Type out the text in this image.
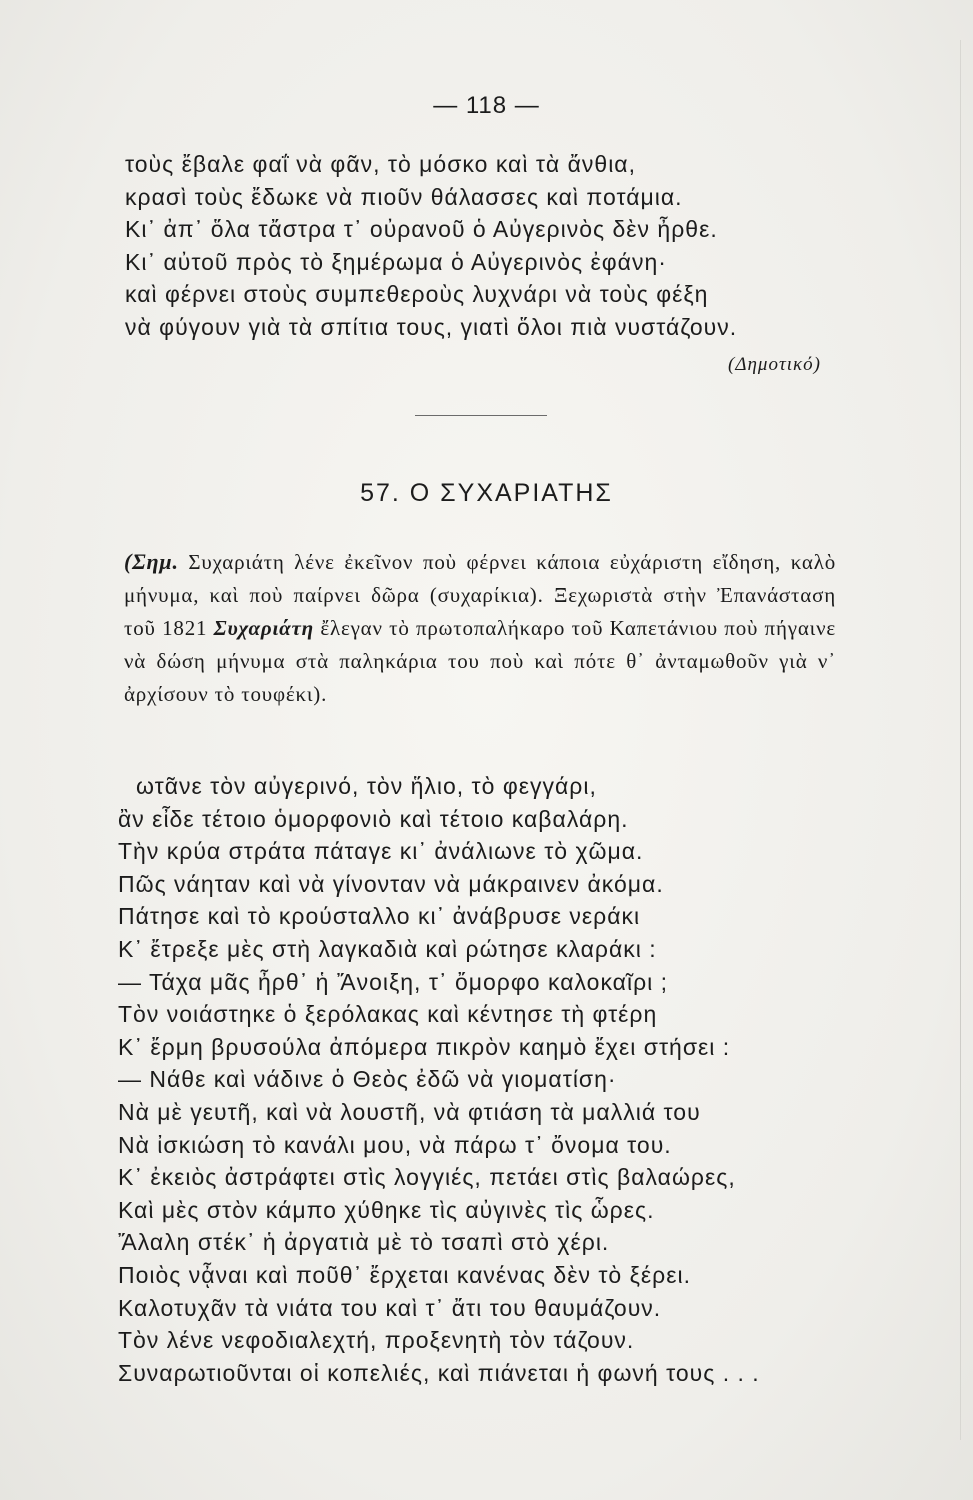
— 118 —
τοὺς ἔβαλε φαΐ νὰ φᾶν, τὸ μόσκο καὶ τὰ ἄνθια,
κρασὶ τοὺς ἔδωκε νὰ πιοῦν θάλασσες καὶ ποτάμια.
Κι᾽ ἀπ᾽ ὅλα τἄστρα τ᾽ οὐρανοῦ ὁ Αὐγερινὸς δὲν ἦρθε.
Κι᾽ αὐτοῦ πρὸς τὸ ξημέρωμα ὁ Αὐγερινὸς ἐφάνη·
καὶ φέρνει στοὺς συμπεθεροὺς λυχνάρι νὰ τοὺς φέξη
νὰ φύγουν γιὰ τὰ σπίτια τους, γιατὶ ὅλοι πιὰ νυστάζουν.
(Δημοτικό)
57. Ο ΣΥΧΑΡΙΑΤΗΣ

(Σημ. Συχαριάτη λένε ἐκεῖνον ποὺ φέρνει κάποια εὐχάριστη εἴδηση, καλὸ μήνυμα, καὶ ποὺ παίρνει δῶρα (συχαρίκια). Ξεχωριστὰ στὴν Ἐπανάσταση τοῦ 1821 Συχαριάτη ἔλεγαν τὸ πρωτοπαλήκαρο τοῦ Καπετάνιου ποὺ πήγαινε νὰ δώση μήνυμα στὰ παληκάρια του ποὺ καὶ πότε θ᾽ ἀνταμωθοῦν γιὰ ν᾽ ἀρχίσουν τὸ τουφέκι).

ωτᾶνε τὸν αὐγερινό, τὸν ἥλιο, τὸ φεγγάρι,
ἂν εἶδε τέτοιο ὁμορφονιὸ καὶ τέτοιο καβαλάρη.
Τὴν κρύα στράτα πάταγε κι᾽ ἀνάλιωνε τὸ χῶμα.
Πῶς νάηταν καὶ νὰ γίνονταν νὰ μάκραινεν ἀκόμα.
Πάτησε καὶ τὸ κρούσταλλο κι᾽ ἀνάβρυσε νεράκι
Κ᾽ ἔτρεξε μὲς στὴ λαγκαδιὰ καὶ ρώτησε κλαράκι :
— Τάχα μᾶς ἦρθ᾽ ἡ Ἄνοιξη, τ᾽ ὄμορφο καλοκαῖρι ;
Τὸν νοιάστηκε ὁ ξερόλακας καὶ κέντησε τὴ φτέρη
Κ᾽ ἔρμη βρυσούλα ἀπόμερα πικρὸν καημὸ ἔχει στήσει :
— Νάθε καὶ νάδινε ὁ Θεὸς ἐδῶ νὰ γιοματίση·
Νὰ μὲ γευτῆ, καὶ νὰ λουστῆ, νὰ φτιάση τὰ μαλλιά του
Νὰ ἰσκιώση τὸ κανάλι μου, νὰ πάρω τ᾽ ὄνομα του.
Κ᾽ ἐκειὸς ἀστράφτει στὶς λογγιές, πετάει στὶς βαλαώρες,
Καὶ μὲς στὸν κάμπο χύθηκε τὶς αὐγινὲς τὶς ὧρες.
Ἄλαλη στέκ᾽ ἡ ἀργατιὰ μὲ τὸ τσαπὶ στὸ χέρι.
Ποιὸς νᾆναι καὶ ποῦθ᾽ ἔρχεται κανένας δὲν τὸ ξέρει.
Καλοτυχᾶν τὰ νιάτα του καὶ τ᾽ ἄτι του θαυμάζουν.
Τὸν λένε νεφοδιαλεχτή, προξενητὴ τὸν τάζουν.
Συναρωτιοῦνται οἱ κοπελιές, καὶ πιάνεται ἡ φωνή τους . . .
